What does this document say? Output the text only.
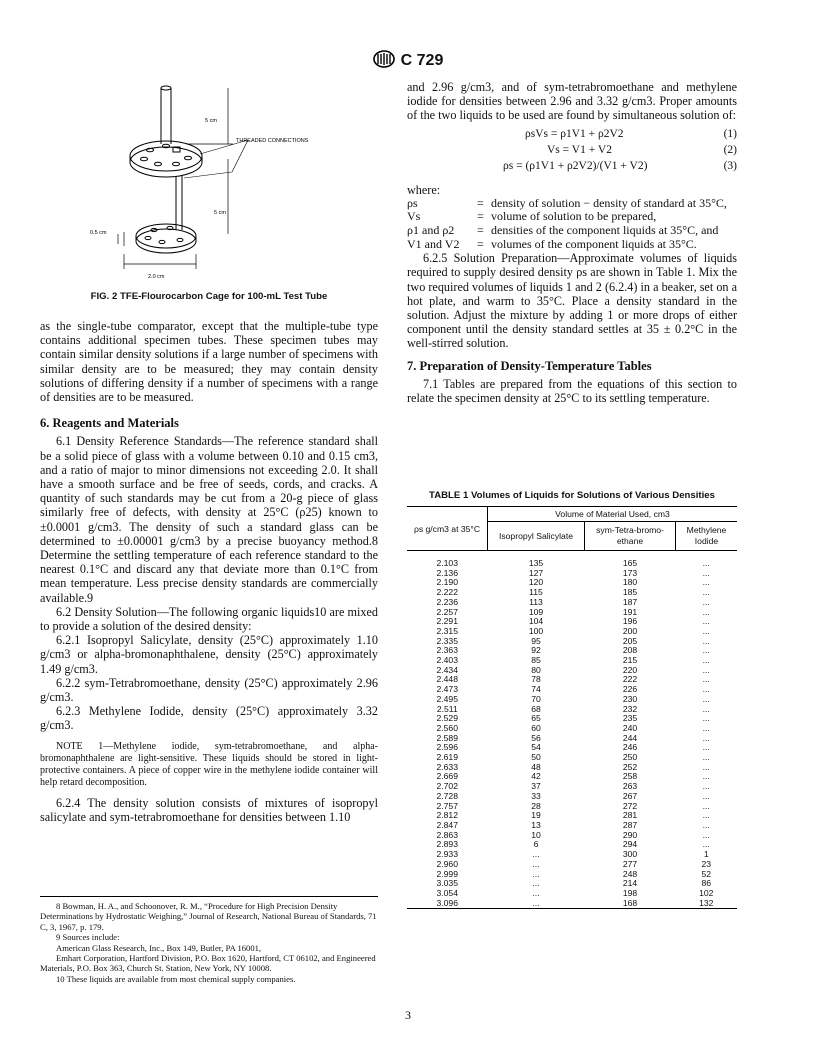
C 729
5 cm
THREADED CONNECTIONS
5 cm
0.5 cm
2.0 cm
FIG. 2 TFE-Flourocarbon Cage for 100-mL Test Tube

as the single-tube comparator, except that the multiple-tube type contains additional specimen tubes. These specimen tubes may contain similar density solutions if a large number of specimens with similar density are to be measured; they may contain density solutions of differing density if a number of specimens with a range of densities are to be measured.

6. Reagents and Materials

6.1 Density Reference Standards—The reference standard shall be a solid piece of glass with a volume between 0.10 and 0.15 cm3, and a ratio of major to minor dimensions not exceeding 2.0. It shall have a smooth surface and be free of seeds, cords, and cracks. A quantity of such standards may be cut from a 20-g piece of glass similarly free of defects, with density at 25°C (ρ25) known to ±0.0001 g/cm3. The density of such a standard glass can be determined to ±0.00001 g/cm3 by a precise buoyancy method.8 Determine the settling temperature of each reference standard to the nearest 0.1°C and discard any that deviate more than 0.1°C from mean temperature. Less precise density standards are commercially available.9

6.2 Density Solution—The following organic liquids10 are mixed to provide a solution of the desired density:

6.2.1 Isopropyl Salicylate, density (25°C) approximately 1.10 g/cm3 or alpha-bromonaphthalene, density (25°C) approximately 1.49 g/cm3.

6.2.2 sym-Tetrabromoethane, density (25°C) approximately 2.96 g/cm3.

6.2.3 Methylene Iodide, density (25°C) approximately 3.32 g/cm3.

NOTE 1—Methylene iodide, sym-tetrabromoethane, and alpha-bromonaphthalene are light-sensitive. These liquids should be stored in light-protective containers. A piece of copper wire in the methylene iodide container will help retard decomposition.

6.2.4 The density solution consists of mixtures of isopropyl salicylate and sym-tetrabromoethane for densities between 1.10

8 Bowman, H. A., and Schoonover, R. M., “Procedure for High Precision Density Determinations by Hydrostatic Weighing,” Journal of Research, National Bureau of Standards, 71 C, 3, 1967, p. 179.

9 Sources include:

American Glass Research, Inc., Box 149, Butler, PA 16001,

Emhart Corporation, Hartford Division, P.O. Box 1620, Hartford, CT 06102, and Engineered Materials, P.O. Box 363, Church St. Station, New York, NY 10008.

10 These liquids are available from most chemical supply companies.

and 2.96 g/cm3, and of sym-tetrabromoethane and methylene iodide for densities between 2.96 and 3.32 g/cm3. Proper amounts of the two liquids to be used are found by simultaneous solution of:

ρsVs = ρ1V1 + ρ2V2	(1)
Vs = V1 + V2	(2)
ρs = (ρ1V1 + ρ2V2)/(V1 + V2)	(3)

where:

ρs	=	density of solution − density of standard at 35°C,
Vs	=	volume of solution to be prepared,
ρ1 and ρ2	=	densities of the component liquids at 35°C, and
V1 and V2	=	volumes of the component liquids at 35°C.

6.2.5 Solution Preparation—Approximate volumes of liquids required to supply desired density ρs are shown in Table 1. Mix the two required volumes of liquids 1 and 2 (6.2.4) in a beaker, set on a hot plate, and warm to 35°C. Place a density standard in the solution. Adjust the mixture by adding 1 or more drops of either component until the density standard settles at 35 ± 0.2°C in the well-stirred solution.

7. Preparation of Density-Temperature Tables

7.1 Tables are prepared from the equations of this section to relate the specimen density at 25°C to its settling temperature.

TABLE 1 Volumes of Liquids for Solutions of Various Densities
ρs g/cm3 at 35°C	Volume of Material Used, cm3		
	Isopropyl Salicylate	sym-Tetra-bromo-ethane	Methylene Iodide
2.103	135	165	...
2.136	127	173	...
2.190	120	180	...
2.222	115	185	...
2.236	113	187	...
2.257	109	191	...
2.291	104	196	...
2.315	100	200	...
2.335	95	205	...
2.363	92	208	...
2.403	85	215	...
2.434	80	220	...
2.448	78	222	...
2.473	74	226	...
2.495	70	230	...
2.511	68	232	...
2.529	65	235	...
2.560	60	240	...
2.589	56	244	...
2.596	54	246	...
2.619	50	250	...
2.633	48	252	...
2.669	42	258	...
2.702	37	263	...
2.728	33	267	...
2.757	28	272	...
2.812	19	281	...
2.847	13	287	...
2.863	10	290	...
2.893	6	294	...
2.933	...	300	1
2.960	...	277	23
2.999	...	248	52
3.035	...	214	86
3.054	...	198	102
3.096	...	168	132
3
